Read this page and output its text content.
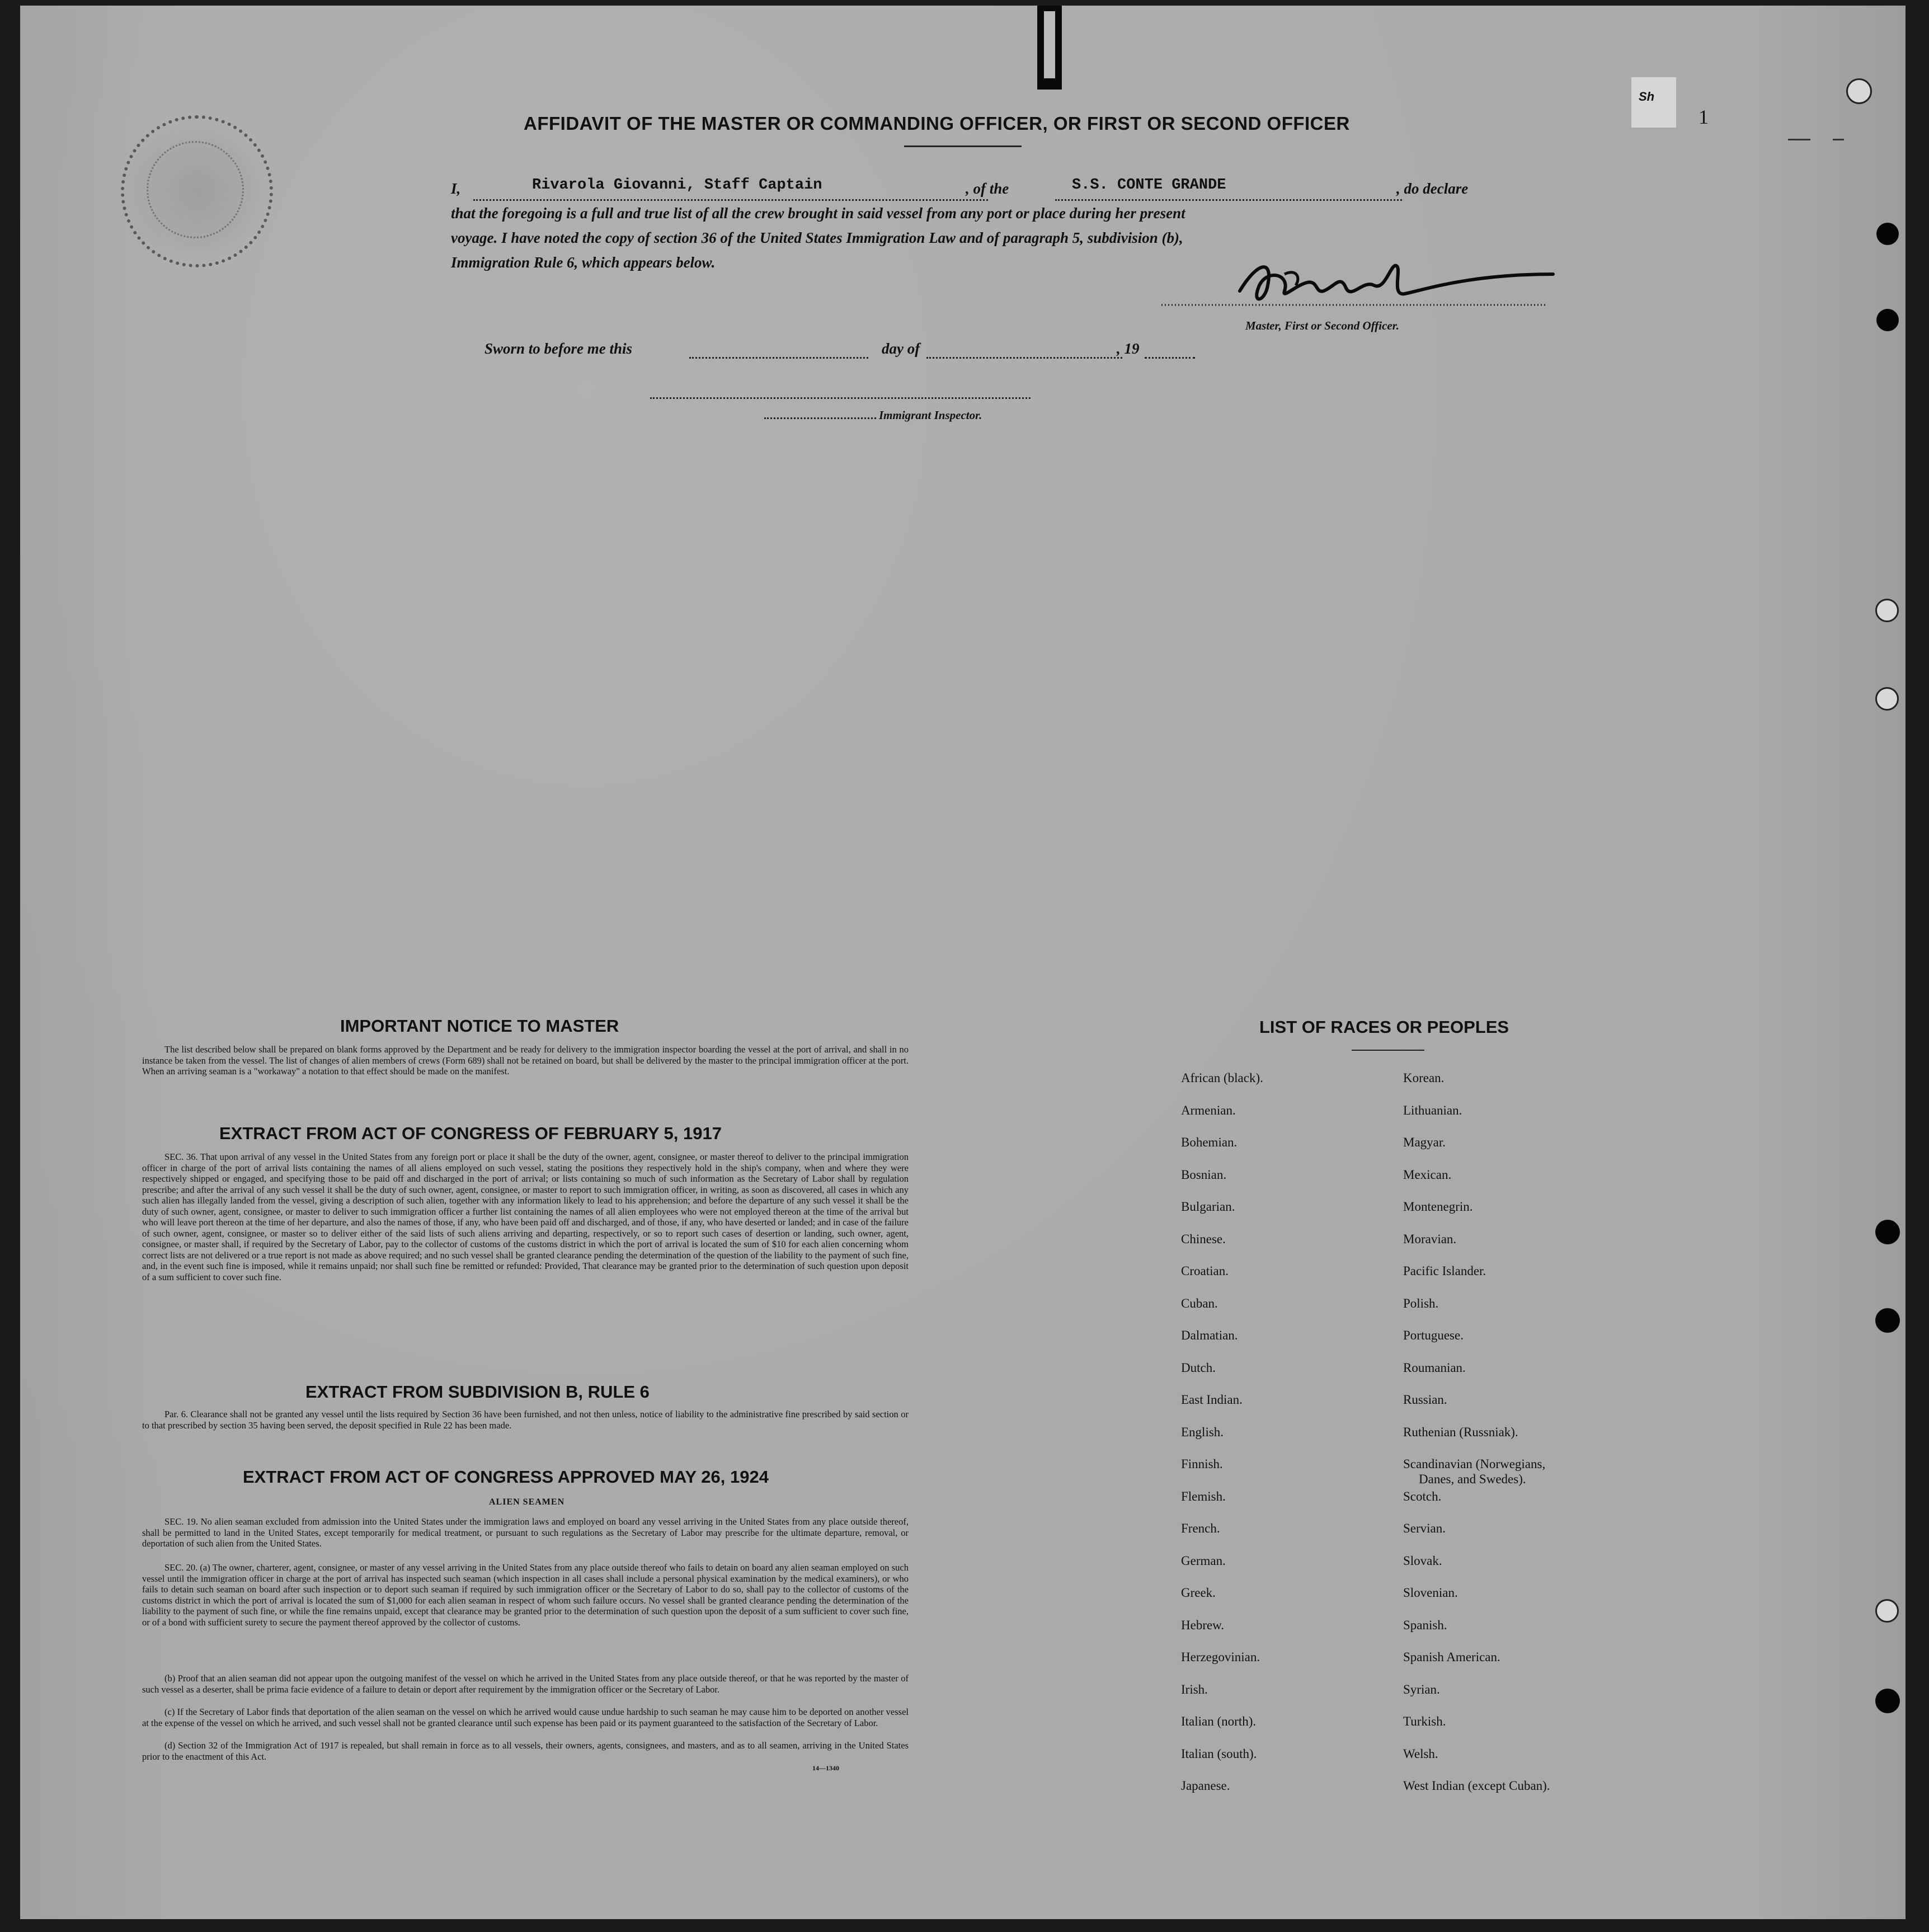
Sh
1
AFFIDAVIT OF THE MASTER OR COMMANDING OFFICER, OR FIRST OR SECOND OFFICER
I,	Rivarola Giovanni, Staff Captain	, of the	S.S. CONTE GRANDE	, do declare
that the foregoing is a full and true list of all the crew brought in said vessel from any port or place during her present
voyage. I have noted the copy of section 36 of the United States Immigration Law and of paragraph 5, subdivision (b),
Immigration Rule 6, which appears below.
Master, First or Second Officer.
Sworn to before me this	day of	, 19
Immigrant Inspector.
IMPORTANT NOTICE TO MASTER
The list described below shall be prepared on blank forms approved by the Department and be ready for delivery to the immigration inspector boarding the vessel at the port of arrival, and shall in no instance be taken from the vessel. The list of changes of alien members of crews (Form 689) shall not be retained on board, but shall be delivered by the master to the principal immigration officer at the port. When an arriving seaman is a "workaway" a notation to that effect should be made on the manifest.
EXTRACT FROM ACT OF CONGRESS OF FEBRUARY 5, 1917
SEC. 36. That upon arrival of any vessel in the United States from any foreign port or place it shall be the duty of the owner, agent, consignee, or master thereof to deliver to the principal immigration officer in charge of the port of arrival lists containing the names of all aliens employed on such vessel, stating the positions they respectively hold in the ship's company, when and where they were respectively shipped or engaged, and specifying those to be paid off and discharged in the port of arrival; or lists containing so much of such information as the Secretary of Labor shall by regulation prescribe; and after the arrival of any such vessel it shall be the duty of such owner, agent, consignee, or master to report to such immigration officer, in writing, as soon as discovered, all cases in which any such alien has illegally landed from the vessel, giving a description of such alien, together with any information likely to lead to his apprehension; and before the departure of any such vessel it shall be the duty of such owner, agent, consignee, or master to deliver to such immigration officer a further list containing the names of all alien employees who were not employed thereon at the time of the arrival but who will leave port thereon at the time of her departure, and also the names of those, if any, who have been paid off and discharged, and of those, if any, who have deserted or landed; and in case of the failure of such owner, agent, consignee, or master so to deliver either of the said lists of such aliens arriving and departing, respectively, or so to report such cases of desertion or landing, such owner, agent, consignee, or master shall, if required by the Secretary of Labor, pay to the collector of customs of the customs district in which the port of arrival is located the sum of $10 for each alien concerning whom correct lists are not delivered or a true report is not made as above required; and no such vessel shall be granted clearance pending the determination of the question of the liability to the payment of such fine, and, in the event such fine is imposed, while it remains unpaid; nor shall such fine be remitted or refunded: Provided, That clearance may be granted prior to the determination of such question upon deposit of a sum sufficient to cover such fine.
EXTRACT FROM SUBDIVISION B, RULE 6
Par. 6. Clearance shall not be granted any vessel until the lists required by Section 36 have been furnished, and not then unless, notice of liability to the administrative fine prescribed by said section or to that prescribed by section 35 having been served, the deposit specified in Rule 22 has been made.
EXTRACT FROM ACT OF CONGRESS APPROVED MAY 26, 1924
ALIEN SEAMEN
SEC. 19. No alien seaman excluded from admission into the United States under the immigration laws and employed on board any vessel arriving in the United States from any place outside thereof, shall be permitted to land in the United States, except temporarily for medical treatment, or pursuant to such regulations as the Secretary of Labor may prescribe for the ultimate departure, removal, or deportation of such alien from the United States.
SEC. 20. (a) The owner, charterer, agent, consignee, or master of any vessel arriving in the United States from any place outside thereof who fails to detain on board any alien seaman employed on such vessel until the immigration officer in charge at the port of arrival has inspected such seaman (which inspection in all cases shall include a personal physical examination by the medical examiners), or who fails to detain such seaman on board after such inspection or to deport such seaman if required by such immigration officer or the Secretary of Labor to do so, shall pay to the collector of customs of the customs district in which the port of arrival is located the sum of $1,000 for each alien seaman in respect of whom such failure occurs. No vessel shall be granted clearance pending the determination of the liability to the payment of such fine, or while the fine remains unpaid, except that clearance may be granted prior to the determination of such question upon the deposit of a sum sufficient to cover such fine, or of a bond with sufficient surety to secure the payment thereof approved by the collector of customs.
(b) Proof that an alien seaman did not appear upon the outgoing manifest of the vessel on which he arrived in the United States from any place outside thereof, or that he was reported by the master of such vessel as a deserter, shall be prima facie evidence of a failure to detain or deport after requirement by the immigration officer or the Secretary of Labor.
(c) If the Secretary of Labor finds that deportation of the alien seaman on the vessel on which he arrived would cause undue hardship to such seaman he may cause him to be deported on another vessel at the expense of the vessel on which he arrived, and such vessel shall not be granted clearance until such expense has been paid or its payment guaranteed to the satisfaction of the Secretary of Labor.
(d) Section 32 of the Immigration Act of 1917 is repealed, but shall remain in force as to all vessels, their owners, agents, consignees, and masters, and as to all seamen, arriving in the United States prior to the enactment of this Act.
14—1340
LIST OF RACES OR PEOPLES
African (black).
Armenian.
Bohemian.
Bosnian.
Bulgarian.
Chinese.
Croatian.
Cuban.
Dalmatian.
Dutch.
East Indian.
English.
Finnish.
Flemish.
French.
German.
Greek.
Hebrew.
Herzegovinian.
Irish.
Italian (north).
Italian (south).
Japanese.
Korean.
Lithuanian.
Magyar.
Mexican.
Montenegrin.
Moravian.
Pacific Islander.
Polish.
Portuguese.
Roumanian.
Russian.
Ruthenian (Russniak).
Scandinavian (Norwegians,
Danes, and Swedes).
Scotch.
Servian.
Slovak.
Slovenian.
Spanish.
Spanish American.
Syrian.
Turkish.
Welsh.
West Indian (except Cuban).
